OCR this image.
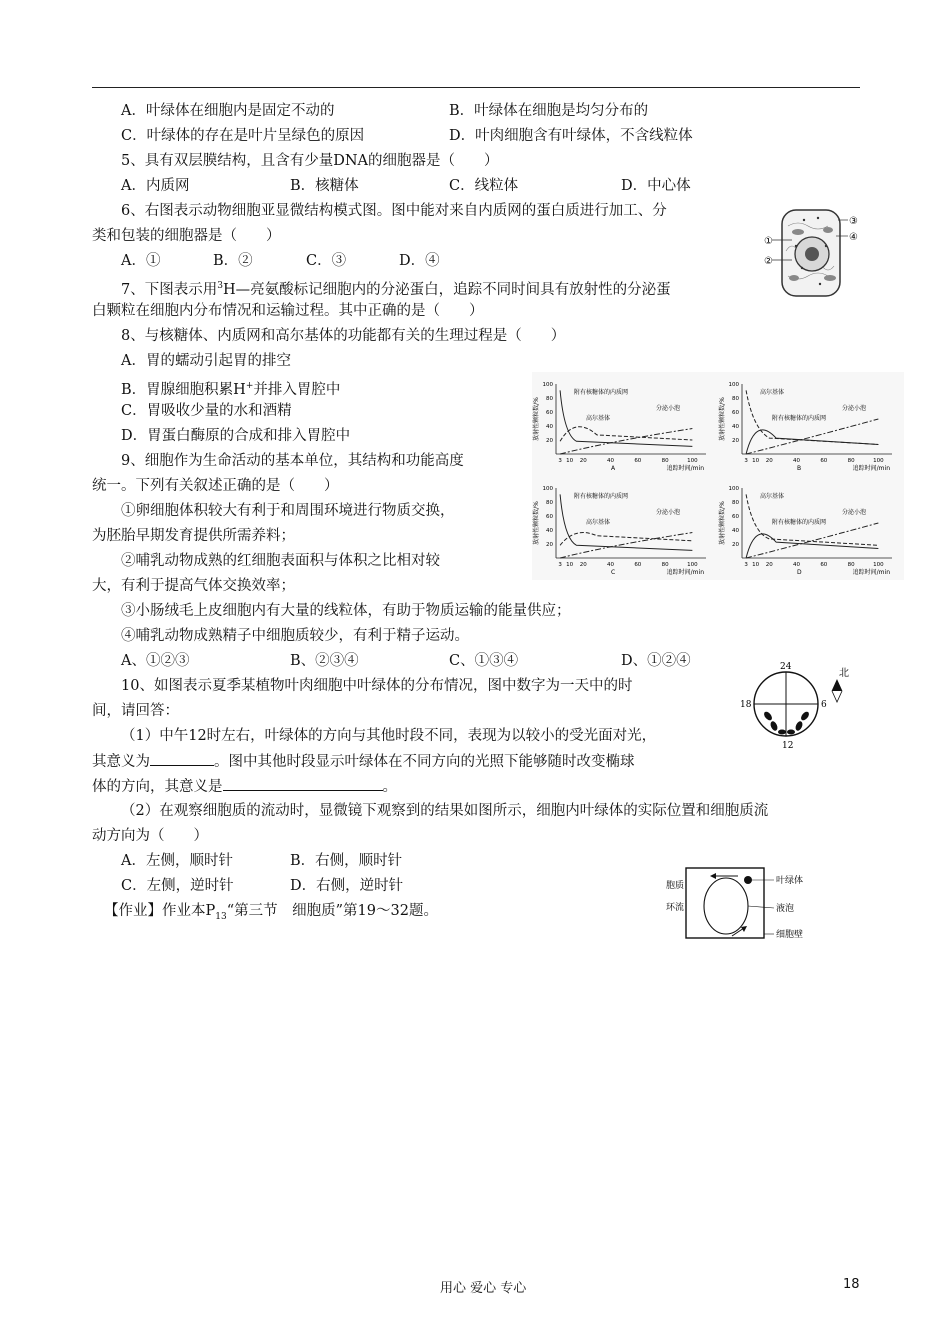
A．叶绿体在细胞内是固定不动的	B．叶绿体在细胞是均匀分布的
C．叶绿体的存在是叶片呈绿色的原因	D．叶肉细胞含有叶绿体，不含线粒体
5、具有双层膜结构，且含有少量DNA的细胞器是（　　）
A．内质网	B．核糖体	C．线粒体	D．中心体
6、右图表示动物细胞亚显微结构模式图。图中能对来自内质网的蛋白质进行加工、分
类和包装的细胞器是（　　）
A．①	B．②	C．③	D．④
①
②
③
④
7、下图表示用$^3$H—亮氨酸标记细胞内的分泌蛋白，追踪不同时间具有放射性的分泌蛋
白颗粒在细胞内分布情况和运输过程。其中正确的是（　　）
8、与核糖体、内质网和高尔基体的功能都有关的生理过程是（　　）
A．胃的蠕动引起胃的排空
B．胃腺细胞积累H+并排入胃腔中
C．胃吸收少量的水和酒精
D．胃蛋白酶原的合成和排入胃腔中
9、细胞作为生命活动的基本单位，其结构和功能高度
统一。下列有关叙述正确的是（　　）
①卵细胞体积较大有利于和周围环境进行物质交换，
为胚胎早期发育提供所需养料；
②哺乳动物成熟的红细胞表面积与体积之比相对较
大，有利于提高气体交换效率；
③小肠绒毛上皮细胞内有大量的线粒体，有助于物质运输的能量供应；
④哺乳动物成熟精子中细胞质较少，有利于精子运动。
A、①②③	B、②③④	C、①③④	D、①②④
放射性颗粒数/%
100
80
60
40
20
3 10 20	40	60	80	100
追踪时间/min
A
附有核糖体的内质网
高尔基体
分泌小泡	放射性颗粒数/%
100
80
60
40
20
3 10 20	40	60	80	100
追踪时间/min
B
高尔基体
附有核糖体的内质网
分泌小泡
放射性颗粒数/%
100
80
60
40
20
3 10 20	40	60	80	100
追踪时间/min
C
附有核糖体的内质网
高尔基体
分泌小泡	放射性颗粒数/%
100
80
60
40
20
3 10 20	40	60	80	100
追踪时间/min
D
高尔基体
附有核糖体的内质网
分泌小泡
10、如图表示夏季某植物叶肉细胞中叶绿体的分布情况，图中数字为一天中的时
间，请回答：
（1）中午12时左右，叶绿体的方向与其他时段不同，表现为以较小的受光面对光，
其意义为	。图中其他时段显示叶绿体在不同方向的光照下能够随时改变椭球
体的方向，其意义是	。
（2）在观察细胞质的流动时，显微镜下观察到的结果如图所示，细胞内叶绿体的实际位置和细胞质流
动方向为（　　）
A．左侧，顺时针	B．右侧，顺时针
C．左侧，逆时针	D．右侧，逆时针
24
18	6
12
北
【作业】作业本$P_{13}“$第三节　细胞质”第19～32题。
胞质
环流
叶绿体
液泡
细胞壁
用心 爱心 专心	18
